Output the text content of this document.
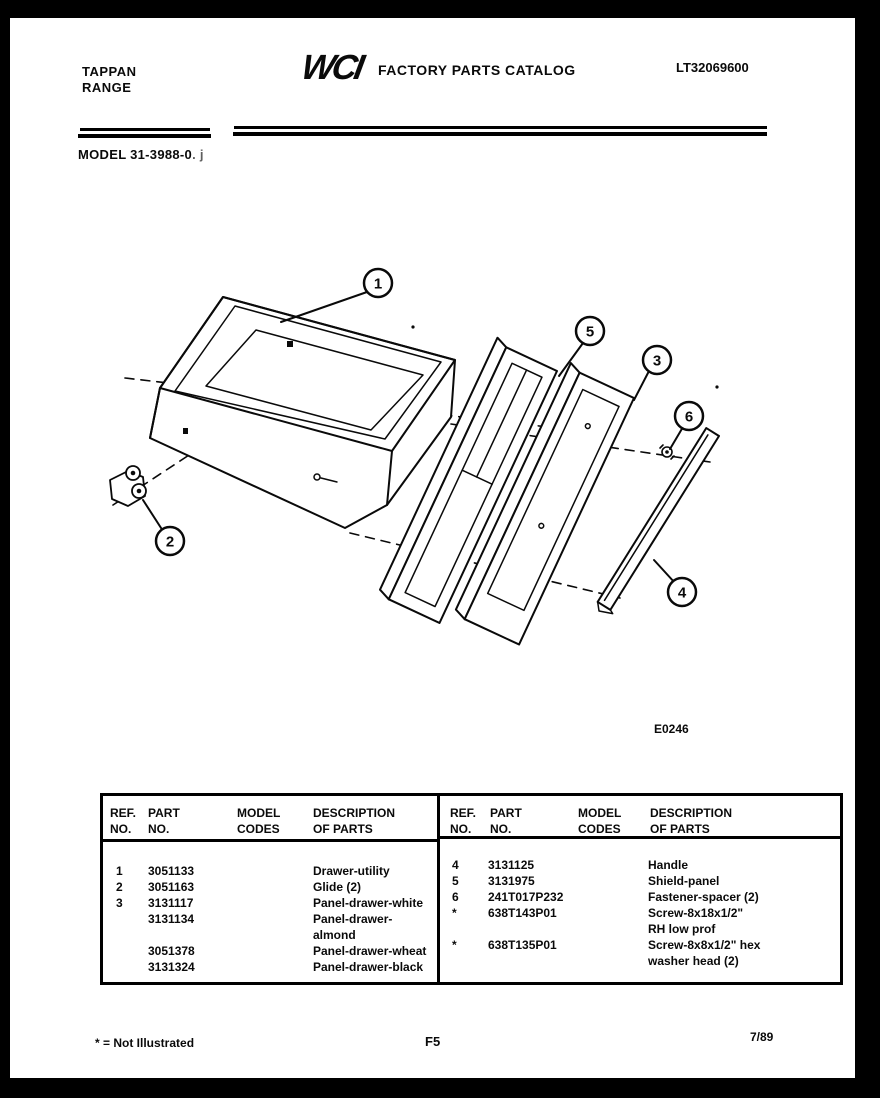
TAPPAN
RANGE
WCI FACTORY PARTS CATALOG	LT32069600
MODEL 31-3988-0. j
1
2
3
4
5
6
E0246
REF.
NO.
PART
NO.
MODEL
CODES
DESCRIPTION
OF PARTS
1 3051133	Drawer-utility
2 3051163	Glide (2)
3 3131117	Panel-drawer-white
3131134	Panel-drawer-
almond
3051378	Panel-drawer-wheat
3131324	Panel-drawer-black
REF.
NO.
PART
NO.
MODEL
CODES
DESCRIPTION
OF PARTS
4 3131125	Handle
5 3131975	Shield-panel
6 241T017P232	Fastener-spacer (2)
*	638T143P01	Screw-8x18x1/2"
RH low prof
*	638T135P01	Screw-8x8x1/2" hex
washer head (2)
* = Not Illustrated	F5	7/89
